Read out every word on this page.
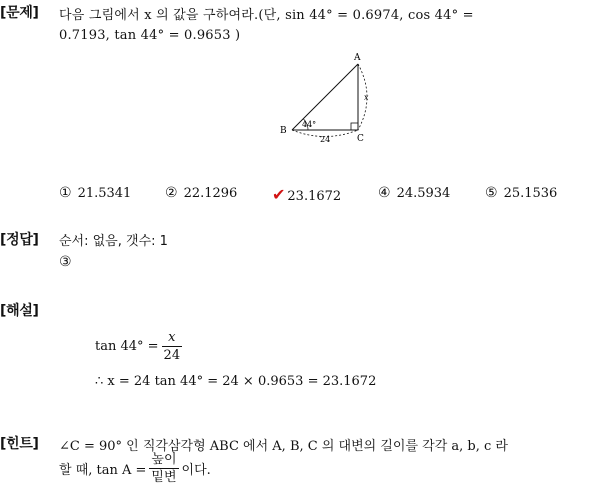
[문제] 다음 그림에서 x 의 값을 구하여라.(단, sin 44° = 0.6974, cos 44° =
0.7193, tan 44° = 0.9653 )
A
B
C
44°
24
x
① 21.5341 ② 22.1296 ✔ 23.1672	④ 24.5934 ⑤ 25.1536
[정답] 순서: 없음, 갯수: 1
③
[해설]
$\tan 44^\circ = \frac{x}{24}$
∴ x = 24 tan 44° = 24 × 0.9653 = 23.1672
[힌트] ∠C = 90° 인 직각삼각형 ABC 에서 A, B, C 의 대변의 길이를 각각 a, b, c 라
할 때, $\tan A = \frac{\text{높이}}{\text{밑변}}$ 이다.
